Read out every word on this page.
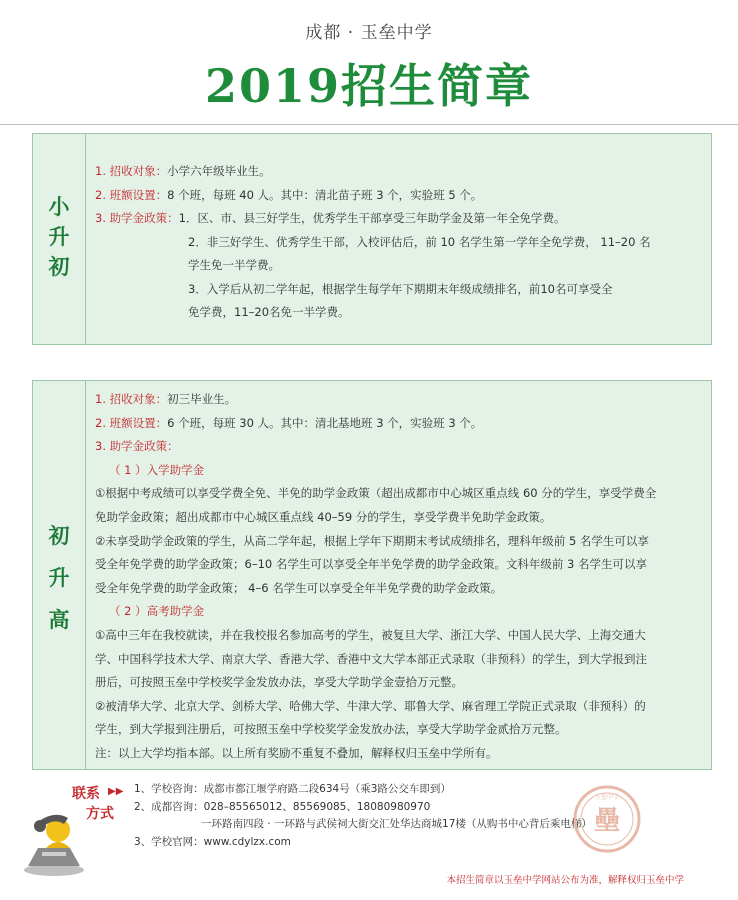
成都 · 玉垒中学
2019招生简章
小
升
初
1. 招收对象：小学六年级毕业生。
2. 班额设置：8 个班，每班 40 人。其中：清北苗子班 3 个，实验班 5 个。
3. 助学金政策：1．区、市、县三好学生，优秀学生干部享受三年助学金及第一年全免学费。
2．非三好学生、优秀学生干部，入校评估后，前 10 名学生第一学年全免学费， 11–20 名
学生免一半学费。
3．入学后从初二学年起，根据学生每学年下期期末年级成绩排名，前10名可享受全
免学费，11–20名免一半学费。
初
升
高
1. 招收对象：初三毕业生。
2. 班额设置：6 个班，每班 30 人。其中：清北基地班 3 个，实验班 3 个。
3. 助学金政策：
（ 1 ）入学助学金
①根据中考成绩可以享受学费全免、半免的助学金政策（超出成都市中心城区重点线 60 分的学生，享受学费全
免助学金政策；超出成都市中心城区重点线 40–59 分的学生，享受学费半免助学金政策。
②未享受助学金政策的学生，从高二学年起，根据上学年下期期末考试成绩排名，理科年级前 5 名学生可以享
受全年免学费的助学金政策；6–10 名学生可以享受全年半免学费的助学金政策。文科年级前 3 名学生可以享
受全年免学费的助学金政策； 4–6 名学生可以享受全年半免学费的助学金政策。
（ 2 ）高考助学金
①高中三年在我校就读，并在我校报名参加高考的学生，被复旦大学、浙江大学、中国人民大学、上海交通大
学、中国科学技术大学、南京大学、香港大学、香港中文大学本部正式录取（非预科）的学生，到大学报到注
册后，可按照玉垒中学校奖学金发放办法，享受大学助学金壹拾万元整。
②被清华大学、北京大学、剑桥大学、哈佛大学、牛津大学、耶鲁大学、麻省理工学院正式录取（非预科）的
学生，到大学报到注册后，可按照玉垒中学校奖学金发放办法，享受大学助学金贰拾万元整。
注：以上大学均指本部。以上所有奖励不重复不叠加，解释权归玉垒中学所有。
联系
方式
▶▶ 1、学校咨询：成都市都江堰学府路二段634号（乘3路公交车即到）
2、成都咨询：028–85565012、85569085、18080980970
一环路南四段 · 一环路与武侯祠大街交汇处华达商城17楼（从购书中心背后乘电梯）
3、学校官网：www.cdylzx.com
玉垒中学
壘
本招生简章以玉垒中学网站公布为准，解释权归玉垒中学
